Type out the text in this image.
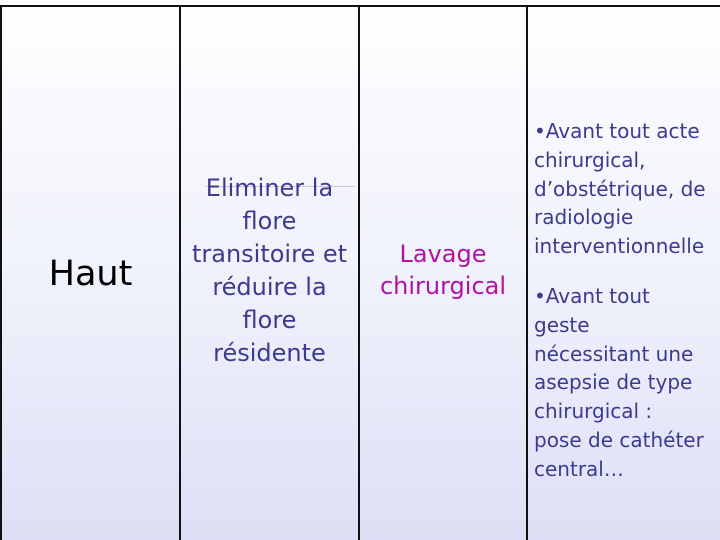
Haut
Eliminer la
flore
transitoire et
réduire la
flore
résidente
Lavage
chirurgical
•Avant tout acte
chirurgical,
d’obstétrique, de
radiologie
interventionnelle
•Avant tout
geste
nécessitant une
asepsie de type
chirurgical :
pose de cathéter
central…
